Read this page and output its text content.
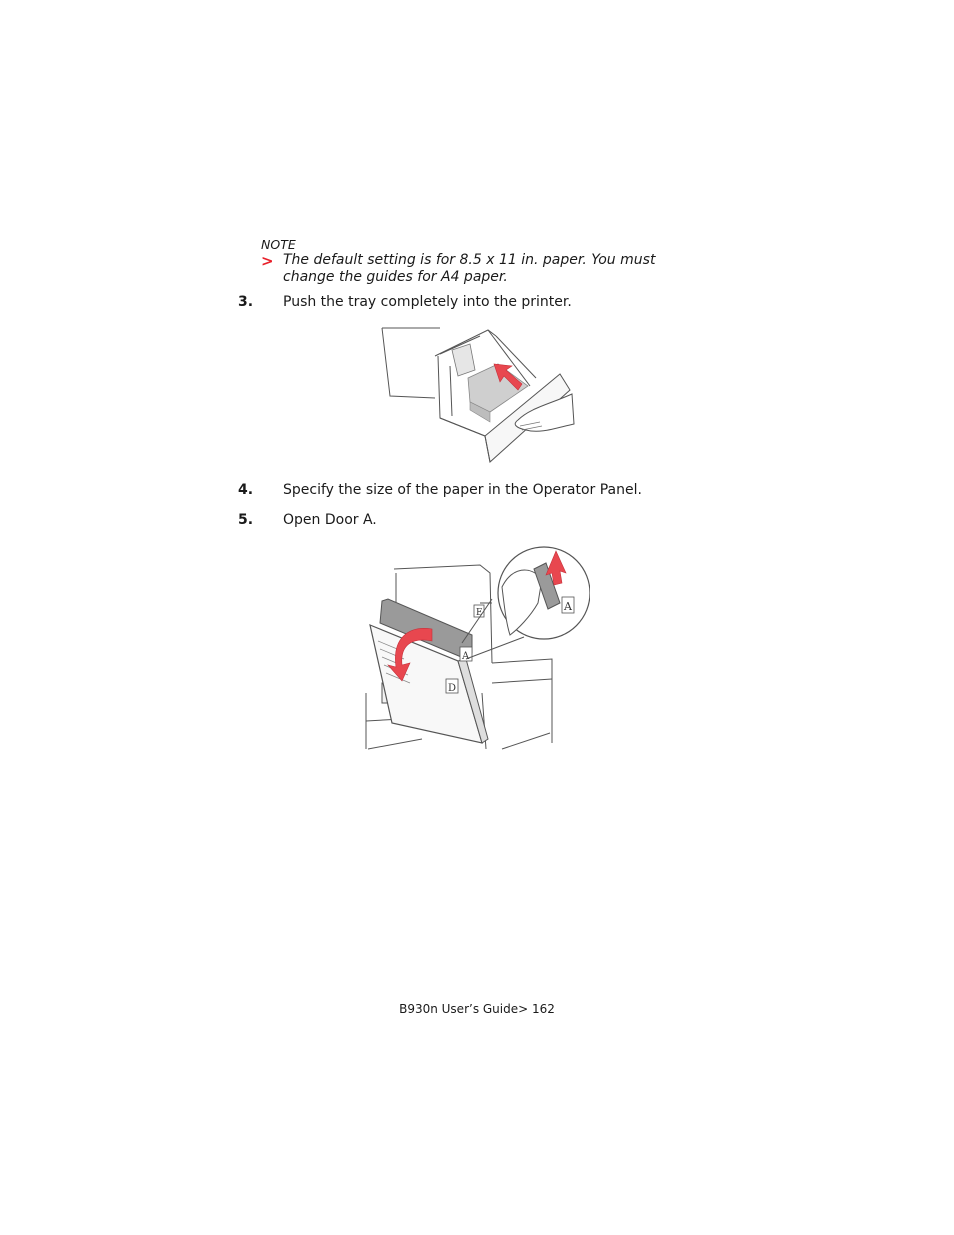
NOTE
> The default setting is for 8.5 x 11 in. paper. You must change the guides for A4 paper.
3. Push the tray completely into the printer.
4. Specify the size of the paper in the Operator Panel.
5. Open Door A.
A
D
E	A
B930n User’s Guide> 162
